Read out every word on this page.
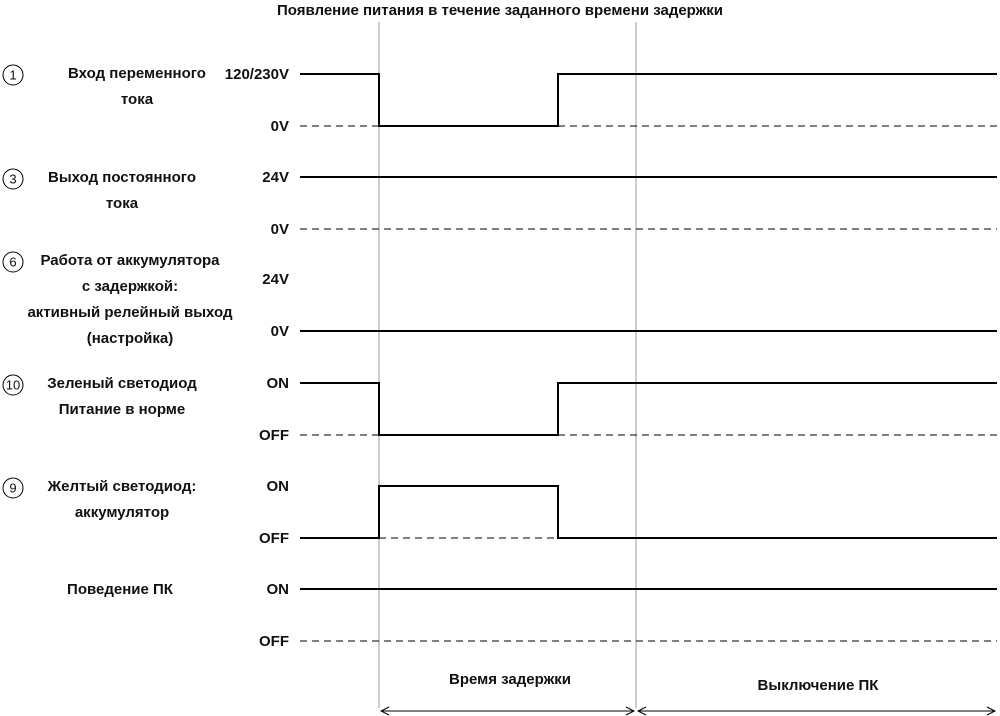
Появление питания в течение заданного времени задержки
Вход переменного
тока
1	120/230V
0V
Выход постоянного
тока
3	24V
0V
Работа от аккумулятора
с задержкой:
активный релейный выход
(настройка)
6
24V
0V
Зеленый светодиод
Питание в норме
10	ON
OFF
Желтый светодиод:
аккумулятор
9	ON
OFF
Поведение ПК	ON
OFF
Время задержки	Выключение ПК
